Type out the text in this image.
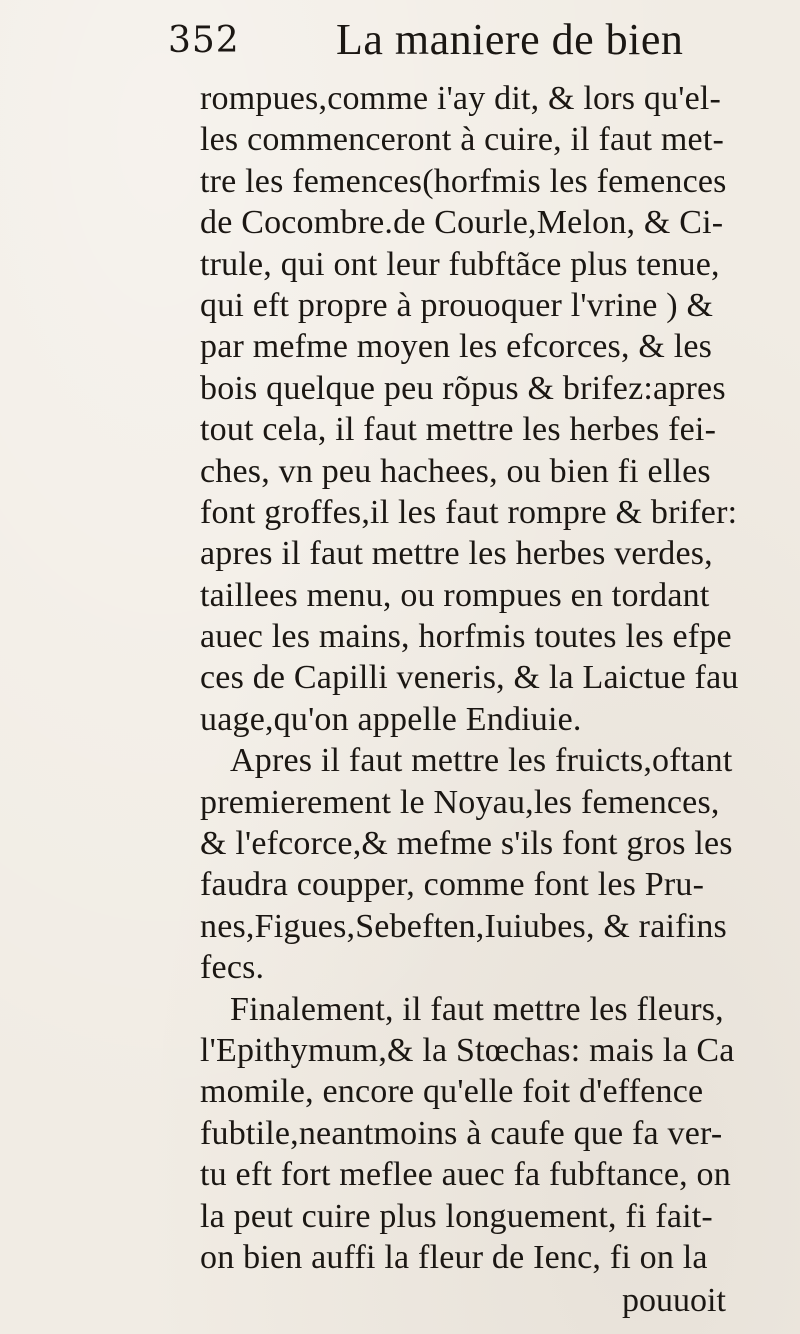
352 La maniere de bien
rompues,comme i'ay dit, & lors qu'el-
les commenceront à cuire, il faut met-
tre les femences(horfmis les femences
de Cocombre.de Courle,Melon, & Ci-
trule, qui ont leur fubftãce plus tenue,
qui eft propre à prouoquer l'vrine ) &
par mefme moyen les efcorces, & les
bois quelque peu rõpus & brifez:apres
tout cela, il faut mettre les herbes fei-
ches, vn peu hachees, ou bien fi elles
font groffes,il les faut rompre & brifer:
apres il faut mettre les herbes verdes,
taillees menu, ou rompues en tordant
auec les mains, horfmis toutes les efpe
ces de Capilli veneris, & la Laictue fau
uage,qu'on appelle Endiuie.
Apres il faut mettre les fruicts,oftant
premierement le Noyau,les femences,
& l'efcorce,& mefme s'ils font gros les
faudra coupper, comme font les Pru-
nes,Figues,Sebeften,Iuiubes, & raifins
fecs.
Finalement, il faut mettre les fleurs,
l'Epithymum,& la Stœchas: mais la Ca
momile, encore qu'elle foit d'effence
fubtile,neantmoins à caufe que fa ver-
tu eft fort meflee auec fa fubftance, on
la peut cuire plus longuement, fi fait-
on bien auffi la fleur de Ienc, fi on la
pouuoit
